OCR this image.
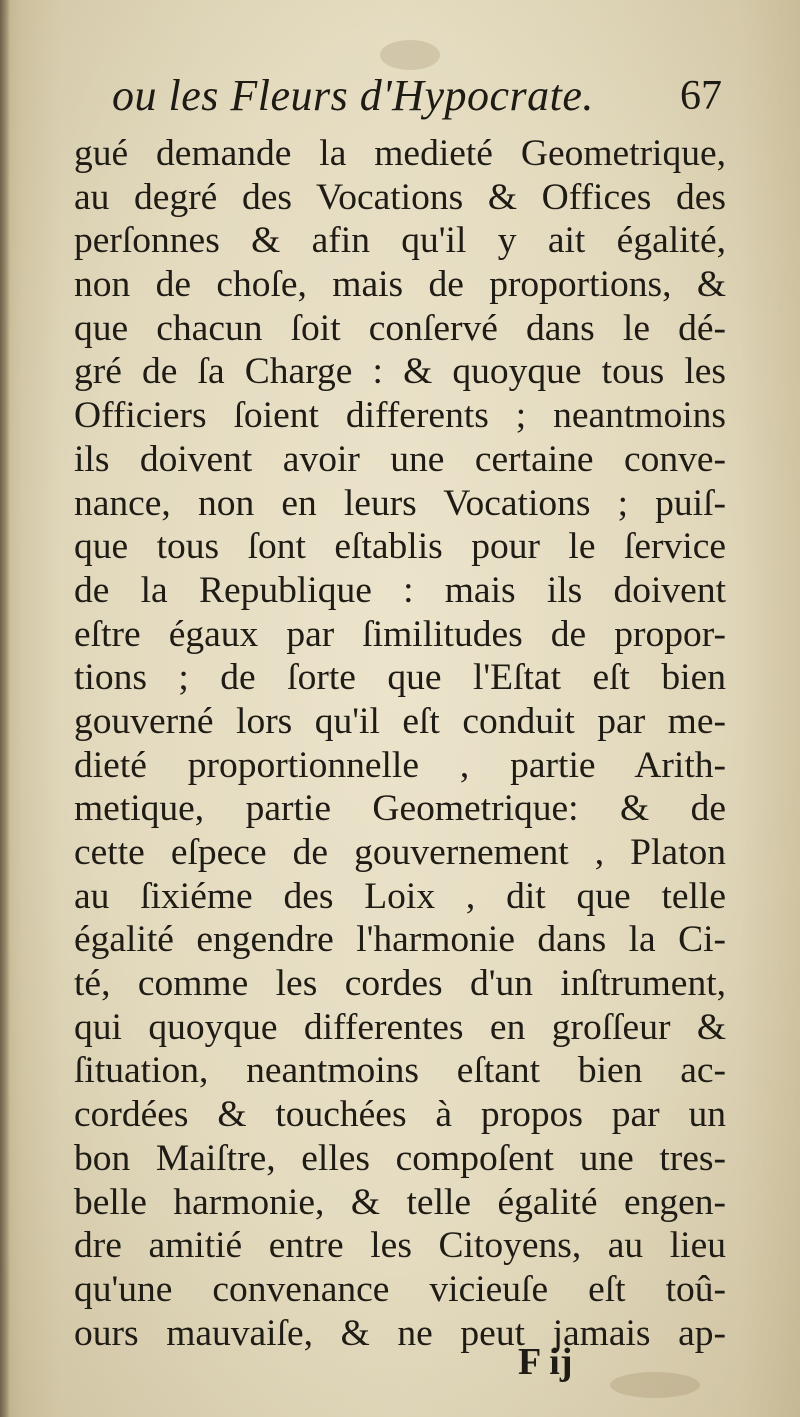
ou les Fleurs d'Hypocrate. 67
gué demande la medieté Geometrique,
au degré des Vocations & Offices des
perſonnes & afin qu'il y ait égalité,
non de choſe, mais de proportions, &
que chacun ſoit conſervé dans le dé-
gré de ſa Charge : & quoyque tous les
Officiers ſoient differents ; neantmoins
ils doivent avoir une certaine conve-
nance, non en leurs Vocations ; puiſ-
que tous ſont eſtablis pour le ſervice
de la Republique : mais ils doivent
eſtre égaux par ſimilitudes de propor-
tions ; de ſorte que l'Eſtat eſt bien
gouverné lors qu'il eſt conduit par me-
dieté proportionnelle , partie Arith-
metique, partie Geometrique: & de
cette eſpece de gouvernement , Platon
au ſixiéme des Loix , dit que telle
égalité engendre l'harmonie dans la Ci-
té, comme les cordes d'un inſtrument,
qui quoyque differentes en groſſeur &
ſituation, neantmoins eſtant bien ac-
cordées & touchées à propos par un
bon Maiſtre, elles compoſent une tres-
belle harmonie, & telle égalité engen-
dre amitié entre les Citoyens, au lieu
qu'une convenance vicieuſe eſt toû-
ours mauvaiſe, & ne peut jamais ap-
F ij
